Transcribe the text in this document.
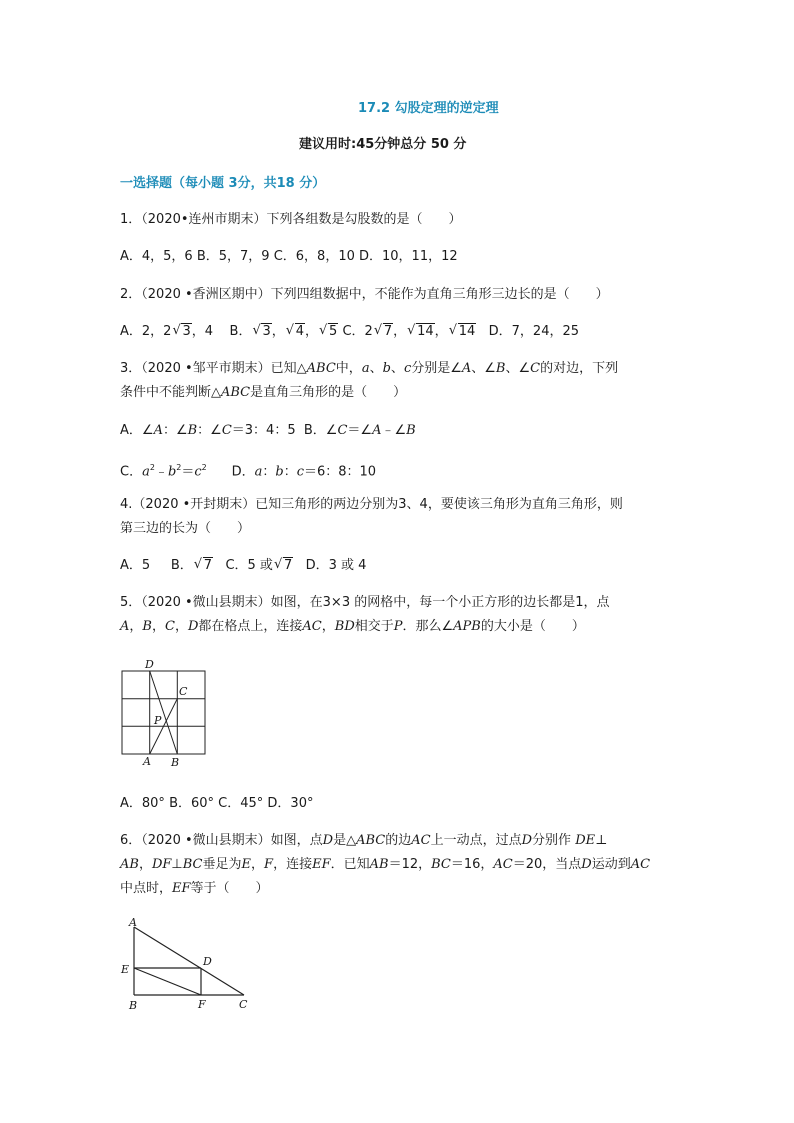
17.2 勾股定理的逆定理
建议用时:45分钟总分 50 分
一选择题（每小题 3分，共18 分）
1．（2020•连州市期末）下列各组数是勾股数的是（　　）
A．4，5，6 B．5，7，9 C．6，8，10 D．10，11，12
2．（2020 •香洲区期中）下列四组数据中，不能作为直角三角形三边长的是（　　）
A．2，2 √ 3，4 B． √ 3， √ 4， √ 5 C．2 √ 7， √ 14， √ 14 D．7，24，25
3．（2020 •邹平市期末）已知△ABC中，a、b、c分别是∠A、∠B、∠C的对边，下列
条件中不能判断△ABC是直角三角形的是（　　）
A．∠A：∠B：∠C＝3：4：5 B．∠C＝∠A﹣∠B
C．$a^2﹣b^2=c^2$ D．a：b：c＝6：8：10
4.（2020 •开封期末）已知三角形的两边分别为3、4，要使该三角形为直角三角形，则
第三边的长为（　　）
A．5 B． √ 7 C．5 或 √ 7 D．3 或 4
5．（2020 •微山县期末）如图，在3×3 的网格中，每一个小正方形的边长都是1，点
A，B，C，D都在格点上，连接AC，BD相交于P．那么∠APB的大小是（　　）
D
C
P
A B
A．80° B．60° C．45° D．30°
6．（2020 •微山县期末）如图，点D是△ABC的边AC上一动点，过点D分别作 DE⊥
AB，DF⊥BC垂足为E，F，连接EF．已知AB＝12，BC＝16，AC＝20，当点D运动到AC
中点时，EF等于（　　）
A
D
E
B	F	C
